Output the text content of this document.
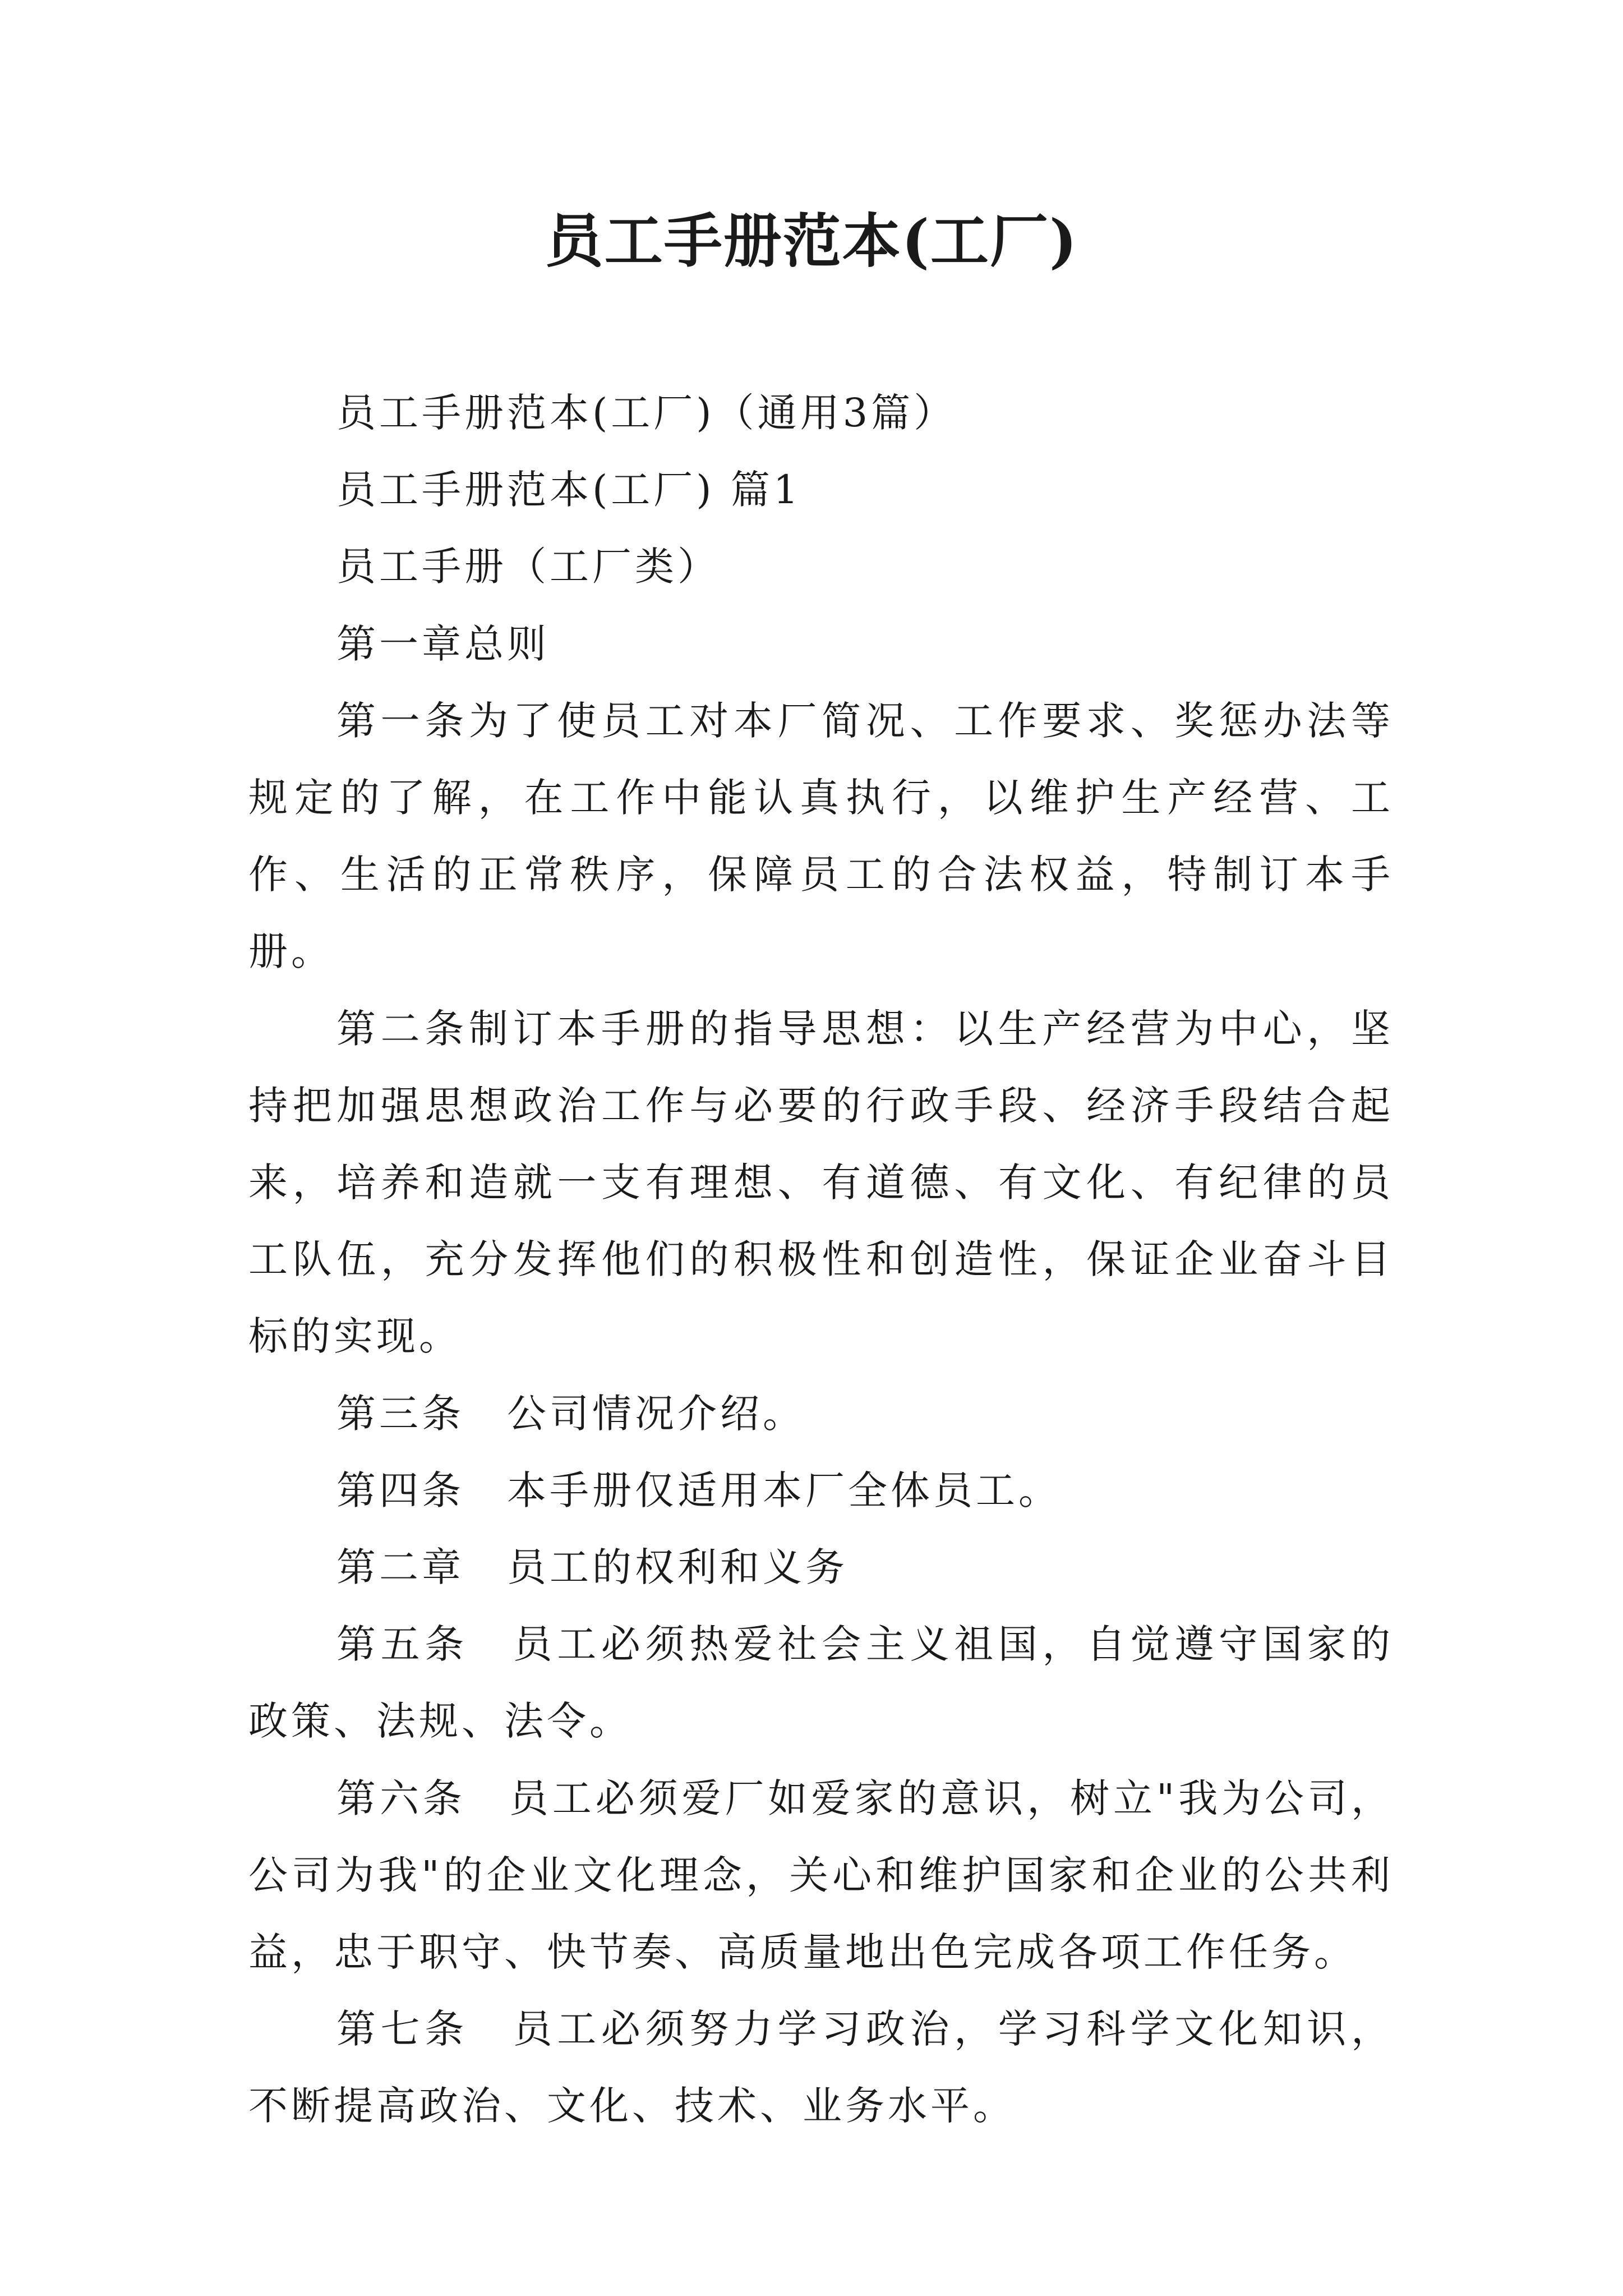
员工手册范本(工厂)

员工手册范本(工厂)（通用3篇）

员工手册范本(工厂) 篇1

员工手册（工厂类）

第一章总则

第一条为了使员工对本厂简况、工作要求、奖惩办法等规定的了解，在工作中能认真执行，以维护生产经营、工作、生活的正常秩序，保障员工的合法权益，特制订本手册。

第二条制订本手册的指导思想：以生产经营为中心，坚持把加强思想政治工作与必要的行政手段、经济手段结合起来，培养和造就一支有理想、有道德、有文化、有纪律的员工队伍，充分发挥他们的积极性和创造性，保证企业奋斗目标的实现。

第三条　公司情况介绍。

第四条　本手册仅适用本厂全体员工。

第二章　员工的权利和义务

第五条　员工必须热爱社会主义祖国，自觉遵守国家的政策、法规、法令。

第六条　员工必须爱厂如爱家的意识，树立"我为公司，公司为我"的企业文化理念，关心和维护国家和企业的公共利益，忠于职守、快节奏、高质量地出色完成各项工作任务。

第七条　员工必须努力学习政治，学习科学文化知识，不断提高政治、文化、技术、业务水平。
